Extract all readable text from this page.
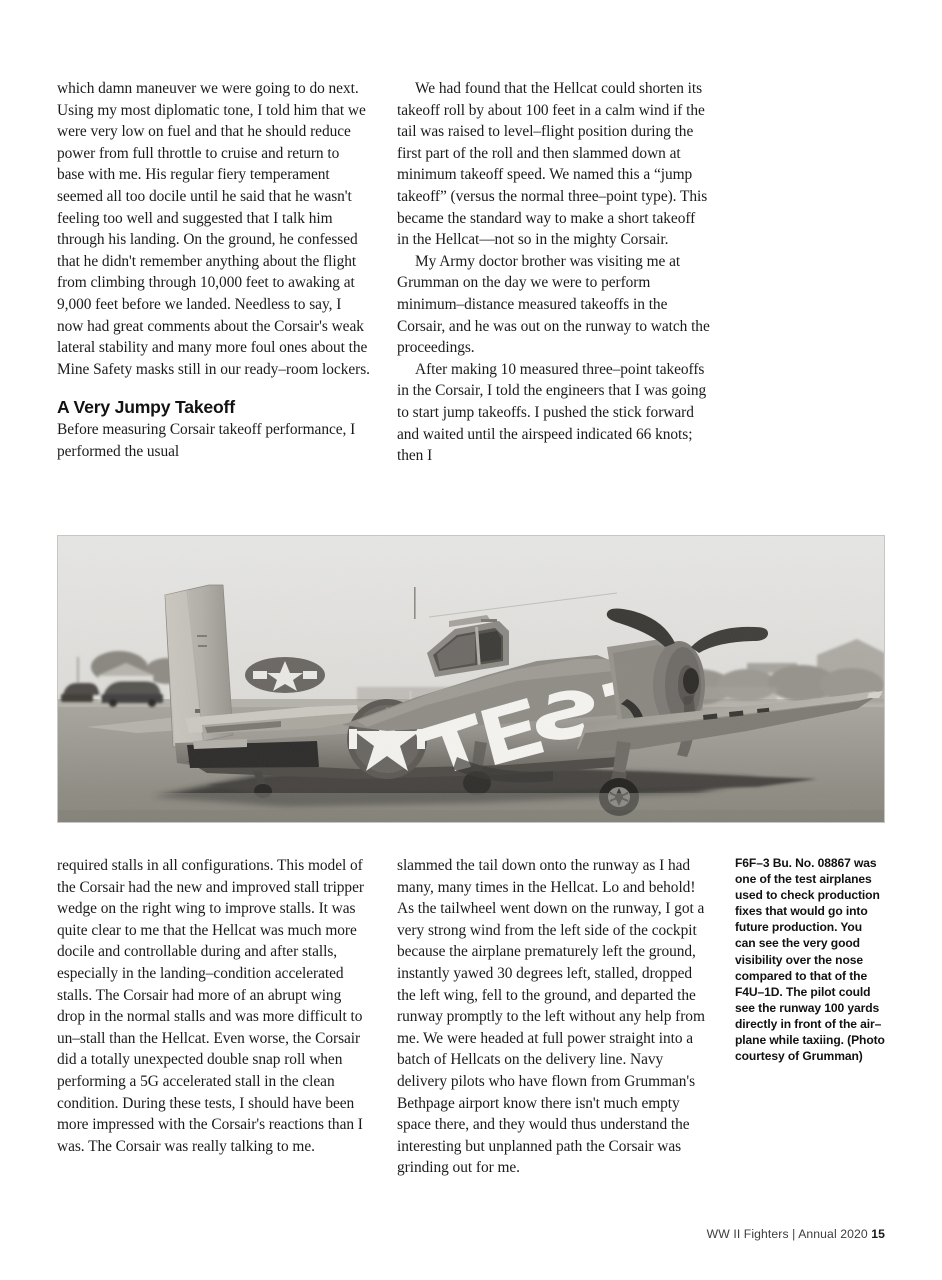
which damn maneuver we were going to do next. Using my most diplomatic tone, I told him that we were very low on fuel and that he should reduce power from full throttle to cruise and return to base with me. His regular fiery temperament seemed all too docile until he said that he wasn't feeling too well and suggested that I talk him through his landing. On the ground, he confessed that he didn't remember anything about the flight from climbing through 10,000 feet to awaking at 9,000 feet before we landed. Needless to say, I now had great comments about the Corsair's weak lateral stability and many more foul ones about the Mine Safety masks still in our ready–room lockers.

A Very Jumpy Takeoff

Before measuring Corsair takeoff performance, I performed the usual

We had found that the Hellcat could shorten its takeoff roll by about 100 feet in a calm wind if the tail was raised to level–flight position during the first part of the roll and then slammed down at minimum takeoff speed. We named this a “jump takeoff” (versus the normal three–point type). This became the standard way to make a short takeoff in the Hellcat—not so in the mighty Corsair.

My Army doctor brother was visiting me at Grumman on the day we were to perform minimum–distance measured takeoffs in the Corsair, and he was out on the runway to watch the proceedings.

After making 10 measured three–point takeoffs in the Corsair, I told the engineers that I was going to start jump takeoffs. I pushed the stick forward and waited until the airspeed indicated 66 knots; then I

required stalls in all configurations. This model of the Corsair had the new and improved stall tripper wedge on the right wing to improve stalls. It was quite clear to me that the Hellcat was much more docile and controllable during and after stalls, especially in the landing–condition accelerated stalls. The Corsair had more of an abrupt wing drop in the normal stalls and was more difficult to un–stall than the Hellcat. Even worse, the Corsair did a totally unexpected double snap roll when performing a 5G accelerated stall in the clean condition. During these tests, I should have been more impressed with the Corsair's reactions than I was. The Corsair was really talking to me.

slammed the tail down onto the runway as I had many, many times in the Hellcat. Lo and behold! As the tailwheel went down on the runway, I got a very strong wind from the left side of the cockpit because the airplane prematurely left the ground, instantly yawed 30 degrees left, stalled, dropped the left wing, fell to the ground, and departed the runway promptly to the left without any help from me. We were headed at full power straight into a batch of Hellcats on the delivery line. Navy delivery pilots who have flown from Grumman's Bethpage airport know there isn't much empty space there, and they would thus understand the interesting but unplanned path the Corsair was grinding out for me.

F6F–3 Bu. No. 08867 was one of the test airplanes used to check production fixes that would go into future production. You can see the very good visibility over the nose compared to that of the F4U–1D. The pilot could see the runway 100 yards directly in front of the air–plane while taxiing. (Photo courtesy of Grumman)

WW II Fighters | Annual 2020 15
